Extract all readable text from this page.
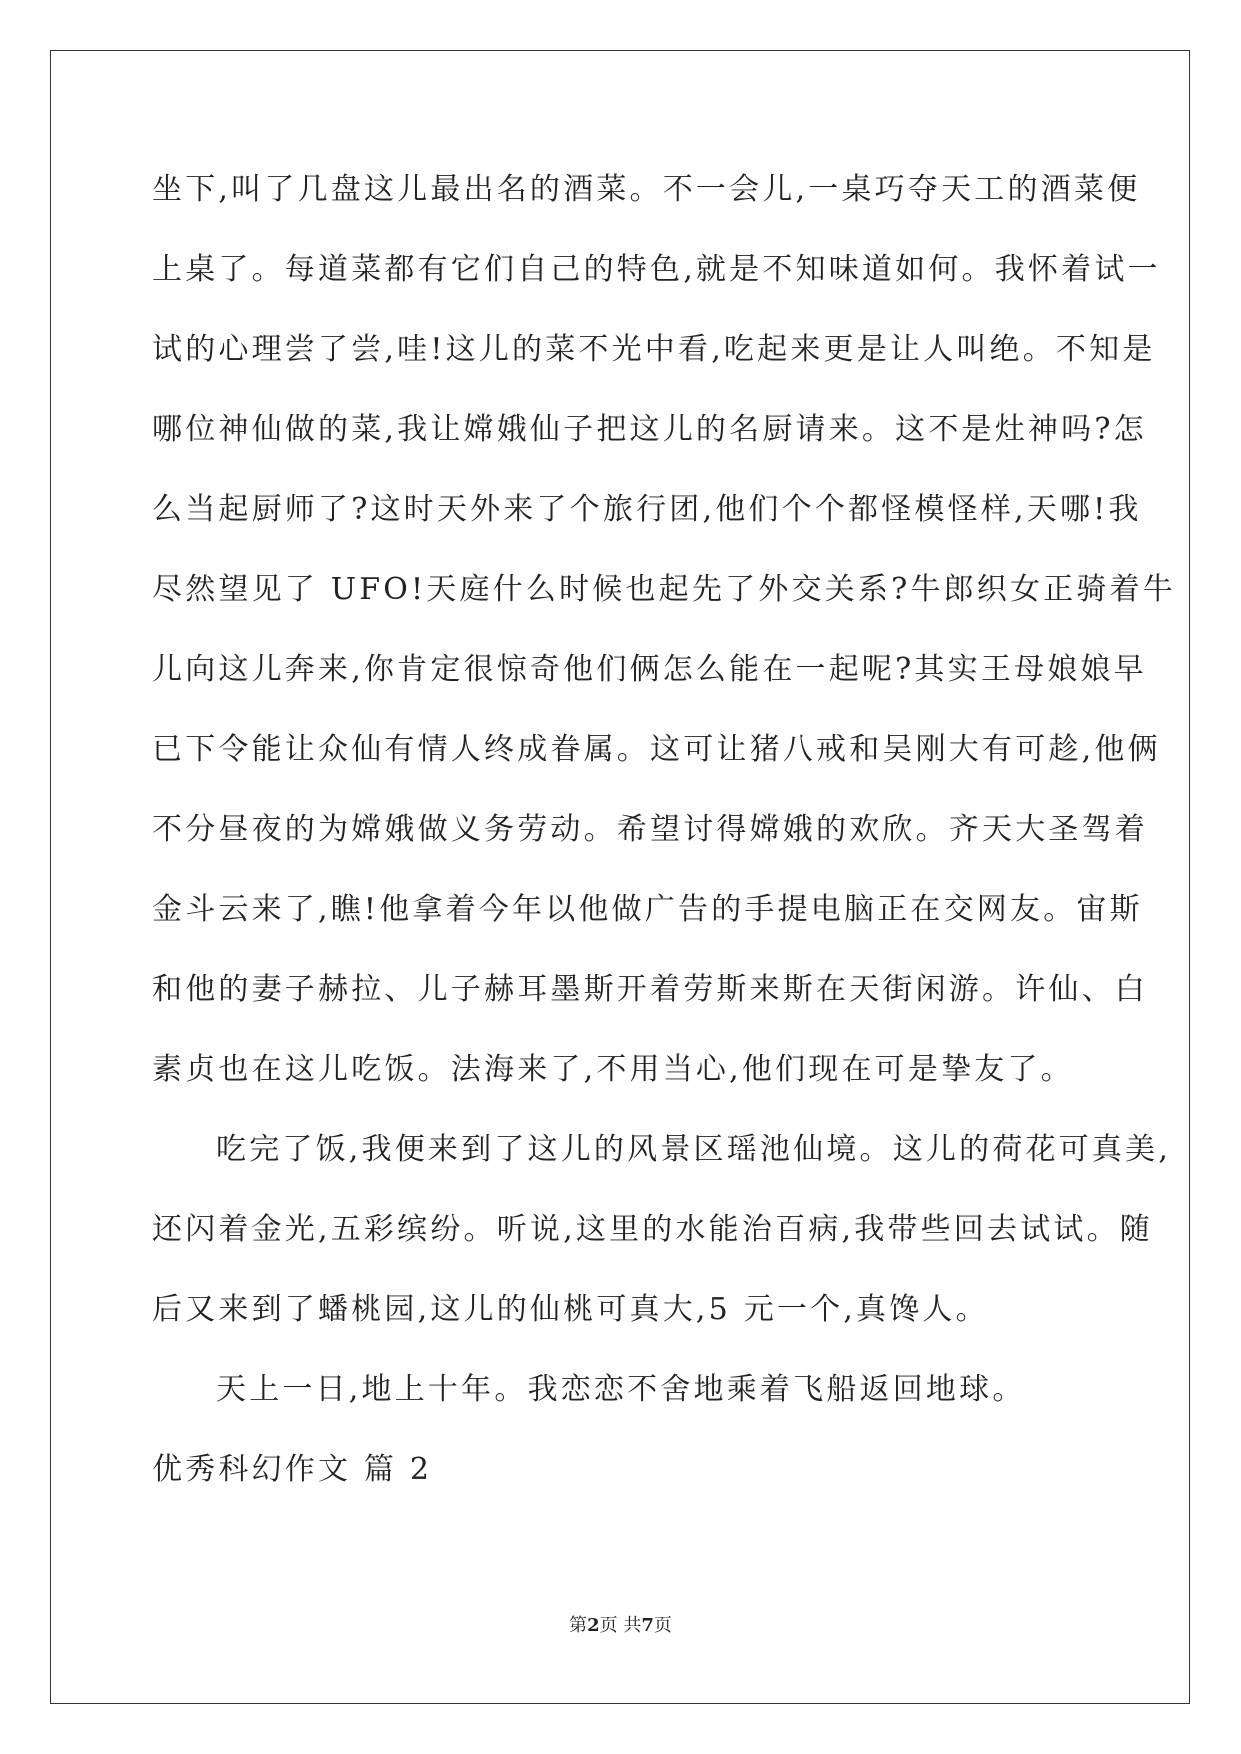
坐下,叫了几盘这儿最出名的酒菜。不一会儿,一桌巧夺天工的酒菜便
上桌了。每道菜都有它们自己的特色,就是不知味道如何。我怀着试一
试的心理尝了尝,哇!这儿的菜不光中看,吃起来更是让人叫绝。不知是
哪位神仙做的菜,我让嫦娥仙子把这儿的名厨请来。这不是灶神吗?怎
么当起厨师了?这时天外来了个旅行团,他们个个都怪模怪样,天哪!我
尽然望见了 UFO!天庭什么时候也起先了外交关系?牛郎织女正骑着牛
儿向这儿奔来,你肯定很惊奇他们俩怎么能在一起呢?其实王母娘娘早
已下令能让众仙有情人终成眷属。这可让猪八戒和吴刚大有可趁,他俩
不分昼夜的为嫦娥做义务劳动。希望讨得嫦娥的欢欣。齐天大圣驾着
金斗云来了,瞧!他拿着今年以他做广告的手提电脑正在交网友。宙斯
和他的妻子赫拉、儿子赫耳墨斯开着劳斯来斯在天街闲游。许仙、白
素贞也在这儿吃饭。法海来了,不用当心,他们现在可是挚友了。
吃完了饭,我便来到了这儿的风景区瑶池仙境。这儿的荷花可真美,
还闪着金光,五彩缤纷。听说,这里的水能治百病,我带些回去试试。随
后又来到了蟠桃园,这儿的仙桃可真大,5 元一个,真馋人。
天上一日,地上十年。我恋恋不舍地乘着飞船返回地球。
优秀科幻作文 篇 2
第2页 共7页
